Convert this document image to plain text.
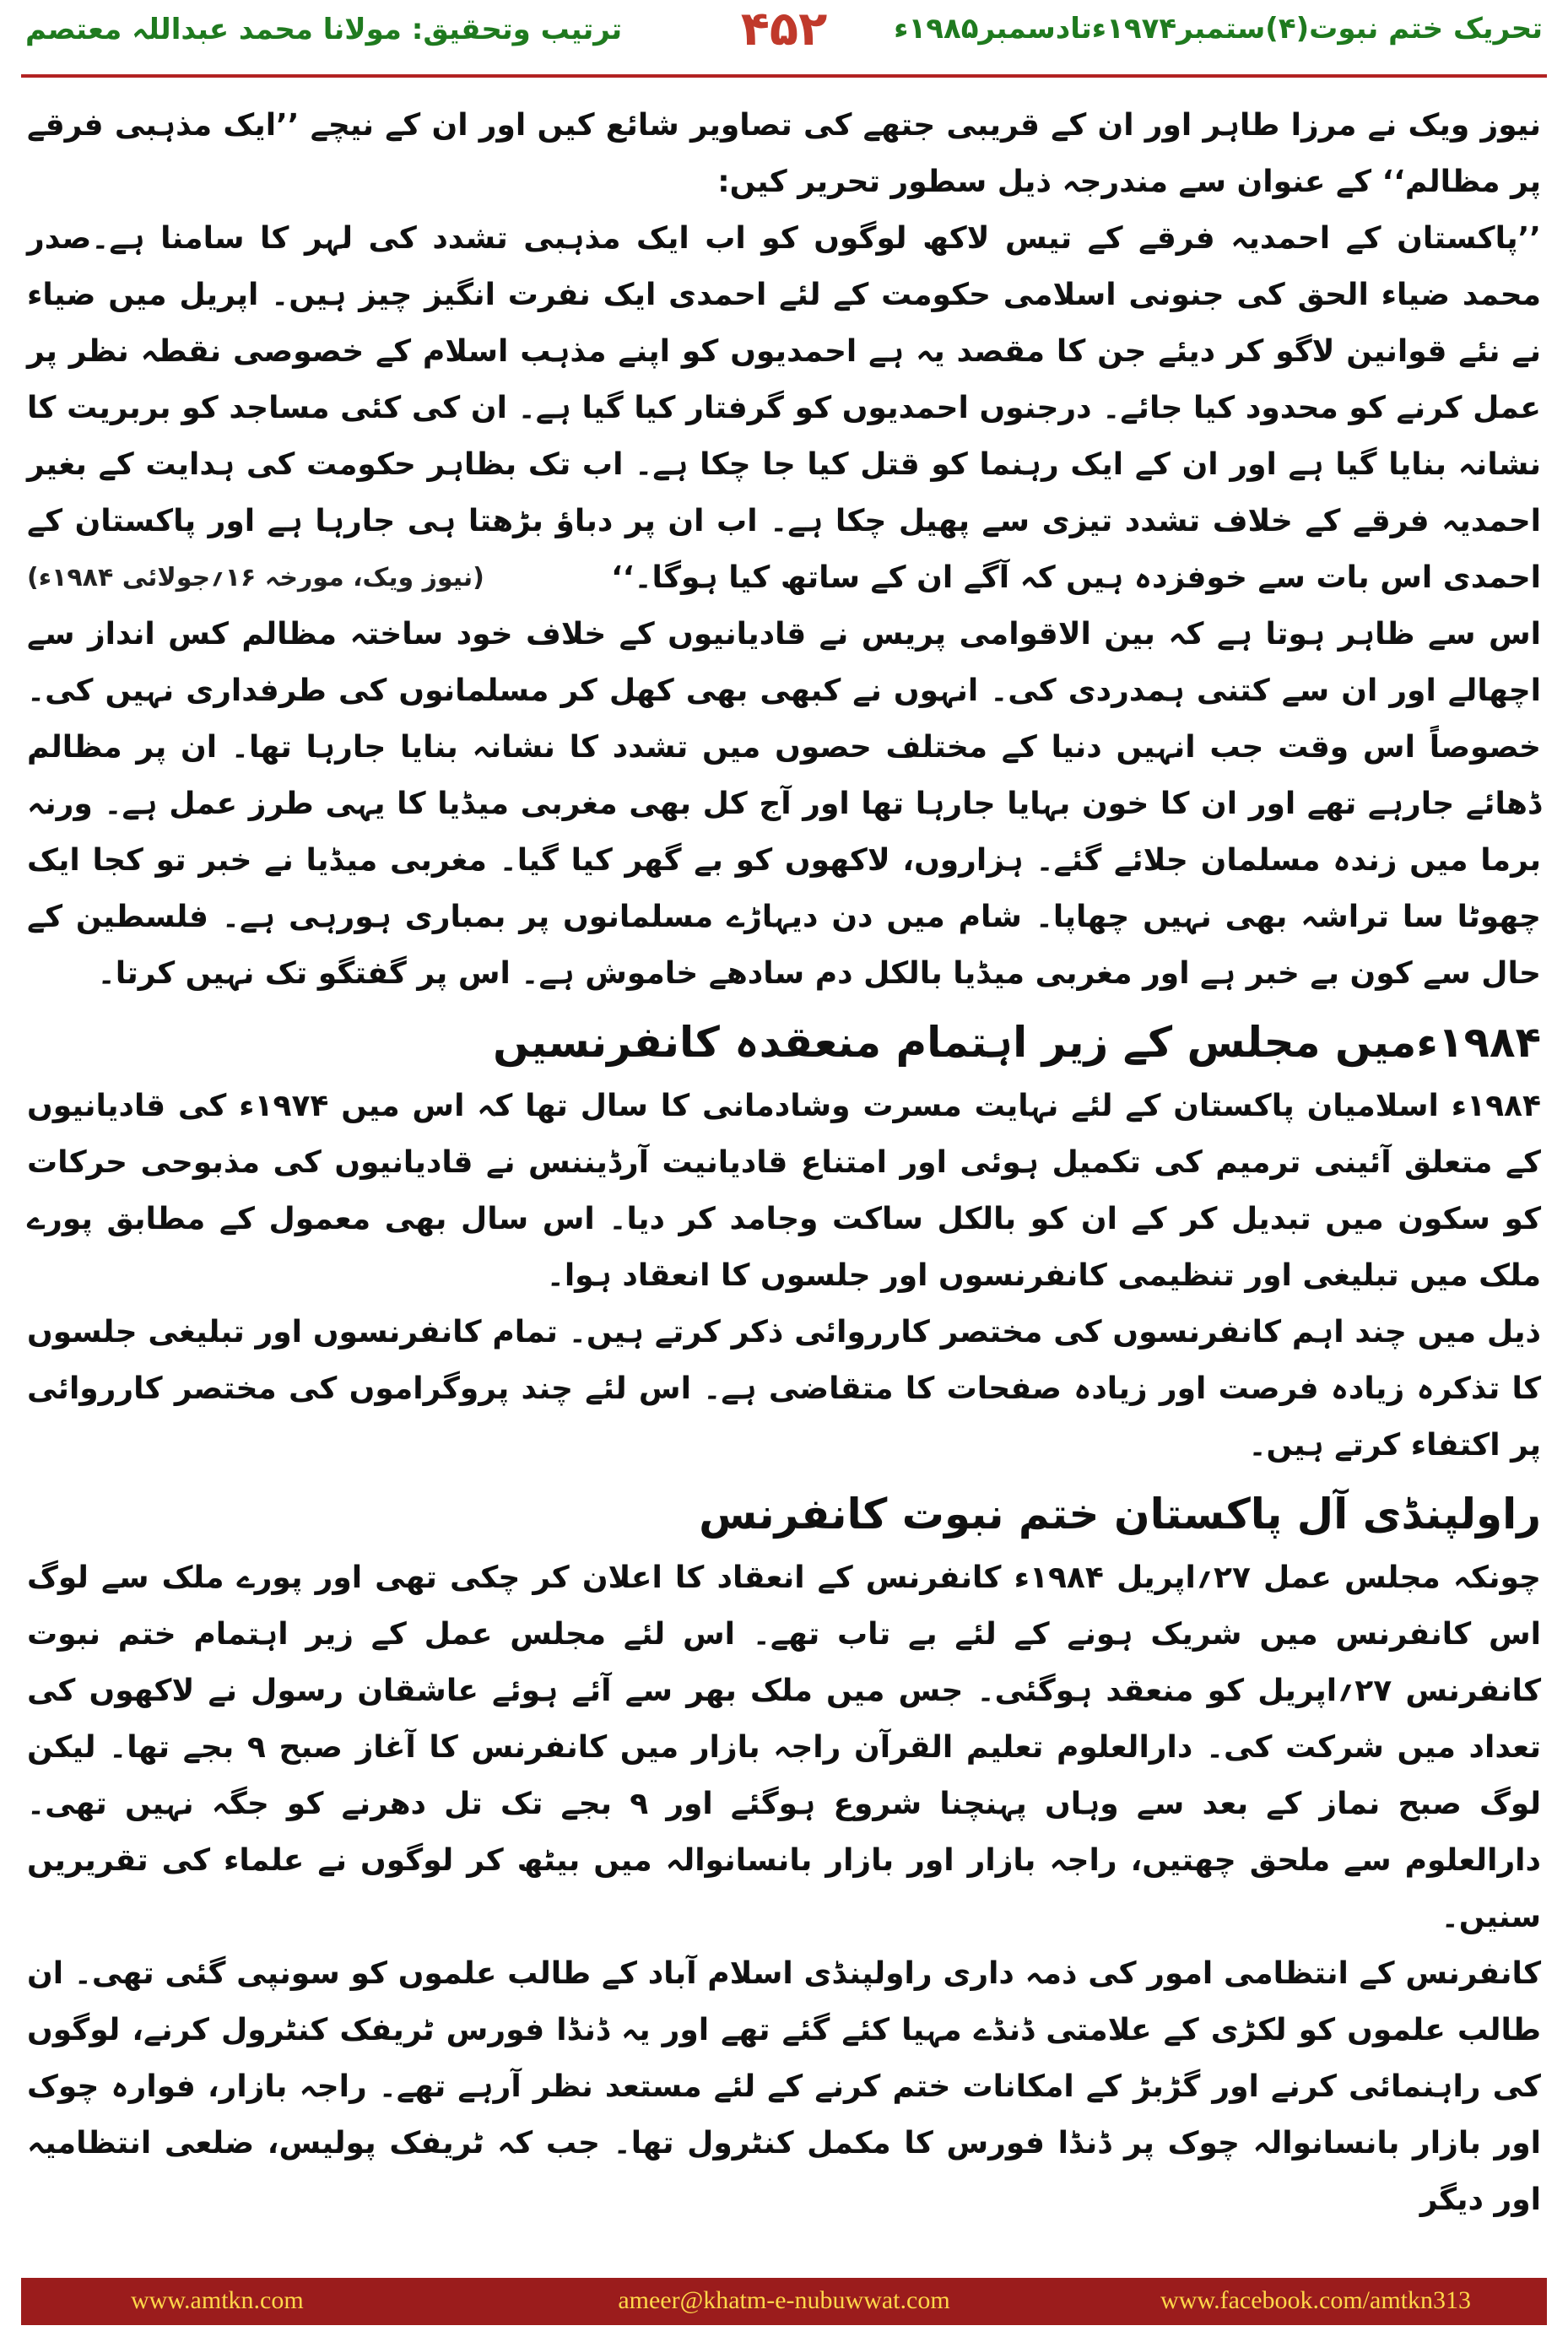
ترتیب وتحقیق: مولانا محمد عبداللہ معتصم	۴۵۲	تحریک ختم نبوت(۴)ستمبر۱۹۷۴ءتادسمبر۱۹۸۵ء

نیوز ویک نے مرزا طاہر اور ان کے قریبی جتھے کی تصاویر شائع کیں اور ان کے نیچے ’’ایک مذہبی فرقے پر مظالم‘‘ کے عنوان سے مندرجہ ذیل سطور تحریر کیں:

’’پاکستان کے احمدیہ فرقے کے تیس لاکھ لوگوں کو اب ایک مذہبی تشدد کی لہر کا سامنا ہے۔صدر محمد ضیاء الحق کی جنونی اسلامی حکومت کے لئے احمدی ایک نفرت انگیز چیز ہیں۔ اپریل میں ضیاء نے نئے قوانین لاگو کر دیئے جن کا مقصد یہ ہے احمدیوں کو اپنے مذہب اسلام کے خصوصی نقطہ نظر پر عمل کرنے کو محدود کیا جائے۔ درجنوں احمدیوں کو گرفتار کیا گیا ہے۔ ان کی کئی مساجد کو بربریت کا نشانہ بنایا گیا ہے اور ان کے ایک رہنما کو قتل کیا جا چکا ہے۔ اب تک بظاہر حکومت کی ہدایت کے بغیر احمدیہ فرقے کے خلاف تشدد تیزی سے پھیل چکا ہے۔ اب ان پر دباؤ بڑھتا ہی جارہا ہے اور پاکستان کے احمدی اس بات سے خوفزدہ ہیں کہ آگے ان کے ساتھ کیا ہوگا۔‘‘
(نیوز ویک، مورخہ ۱۶؍جولائی ۱۹۸۴ء)

اس سے ظاہر ہوتا ہے کہ بین الاقوامی پریس نے قادیانیوں کے خلاف خود ساختہ مظالم کس انداز سے اچھالے اور ان سے کتنی ہمدردی کی۔ انہوں نے کبھی بھی کھل کر مسلمانوں کی طرفداری نہیں کی۔ خصوصاً اس وقت جب انہیں دنیا کے مختلف حصوں میں تشدد کا نشانہ بنایا جارہا تھا۔ ان پر مظالم ڈھائے جارہے تھے اور ان کا خون بہایا جارہا تھا اور آج کل بھی مغربی میڈیا کا یہی طرز عمل ہے۔ ورنہ برما میں زندہ مسلمان جلائے گئے۔ ہزاروں، لاکھوں کو بے گھر کیا گیا۔ مغربی میڈیا نے خبر تو کجا ایک چھوٹا سا تراشہ بھی نہیں چھاپا۔ شام میں دن دیہاڑے مسلمانوں پر بمباری ہورہی ہے۔ فلسطین کے حال سے کون بے خبر ہے اور مغربی میڈیا بالکل دم سادھے خاموش ہے۔ اس پر گفتگو تک نہیں کرتا۔

۱۹۸۴ءمیں مجلس کے زیر اہتمام منعقدہ کانفرنسیں

۱۹۸۴ء اسلامیان پاکستان کے لئے نہایت مسرت وشادمانی کا سال تھا کہ اس میں ۱۹۷۴ء کی قادیانیوں کے متعلق آئینی ترمیم کی تکمیل ہوئی اور امتناع قادیانیت آرڈیننس نے قادیانیوں کی مذبوحی حرکات کو سکون میں تبدیل کر کے ان کو بالکل ساکت وجامد کر دیا۔ اس سال بھی معمول کے مطابق پورے ملک میں تبلیغی اور تنظیمی کانفرنسوں اور جلسوں کا انعقاد ہوا۔

ذیل میں چند اہم کانفرنسوں کی مختصر کارروائی ذکر کرتے ہیں۔ تمام کانفرنسوں اور تبلیغی جلسوں کا تذکرہ زیادہ فرصت اور زیادہ صفحات کا متقاضی ہے۔ اس لئے چند پروگراموں کی مختصر کارروائی پر اکتفاء کرتے ہیں۔

راولپنڈی آل پاکستان ختم نبوت کانفرنس

چونکہ مجلس عمل ۲۷؍اپریل ۱۹۸۴ء کانفرنس کے انعقاد کا اعلان کر چکی تھی اور پورے ملک سے لوگ اس کانفرنس میں شریک ہونے کے لئے بے تاب تھے۔ اس لئے مجلس عمل کے زیر اہتمام ختم نبوت کانفرنس ۲۷؍اپریل کو منعقد ہوگئی۔ جس میں ملک بھر سے آئے ہوئے عاشقان رسول نے لاکھوں کی تعداد میں شرکت کی۔ دارالعلوم تعلیم القرآن راجہ بازار میں کانفرنس کا آغاز صبح ۹ بجے تھا۔ لیکن لوگ صبح نماز کے بعد سے وہاں پہنچنا شروع ہوگئے اور ۹ بجے تک تل دھرنے کو جگہ نہیں تھی۔ دارالعلوم سے ملحق چھتیں، راجہ بازار اور بازار بانسانوالہ میں بیٹھ کر لوگوں نے علماء کی تقریریں سنیں۔

کانفرنس کے انتظامی امور کی ذمہ داری راولپنڈی اسلام آباد کے طالب علموں کو سونپی گئی تھی۔ ان طالب علموں کو لکڑی کے علامتی ڈنڈے مہیا کئے گئے تھے اور یہ ڈنڈا فورس ٹریفک کنٹرول کرنے، لوگوں کی راہنمائی کرنے اور گڑبڑ کے امکانات ختم کرنے کے لئے مستعد نظر آرہے تھے۔ راجہ بازار، فوارہ چوک اور بازار بانسانوالہ چوک پر ڈنڈا فورس کا مکمل کنٹرول تھا۔ جب کہ ٹریفک پولیس، ضلعی انتظامیہ اور دیگر

www.amtkn.com	ameer@khatm-e-nubuwwat.com	www.facebook.com/amtkn313
